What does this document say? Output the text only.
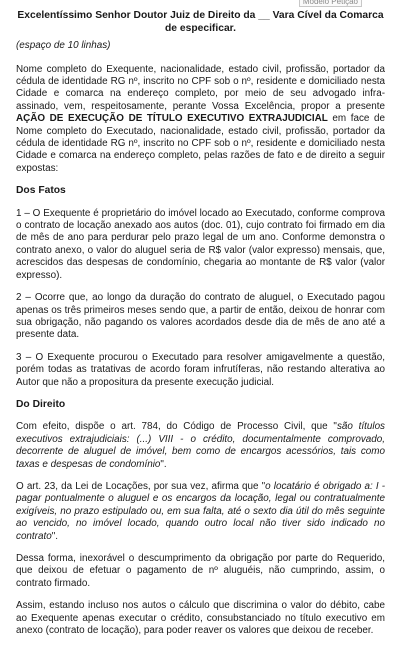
Modelo Petição
Excelentíssimo Senhor Doutor Juiz de Direito da __ Vara Cível da Comarca
de especificar.

(espaço de 10 linhas)

Nome completo do Exequente, nacionalidade, estado civil, profissão, portador da cédula de identidade RG nº, inscrito no CPF sob o nº, residente e domiciliado nesta Cidade e comarca na endereço completo, por meio de seu advogado infra-assinado, vem, respeitosamente, perante Vossa Excelência, propor a presente AÇÃO DE EXECUÇÃO DE TÍTULO EXECUTIVO EXTRAJUDICIAL em face de Nome completo do Executado, nacionalidade, estado civil, profissão, portador da cédula de identidade RG nº, inscrito no CPF sob o nº, residente e domiciliado nesta Cidade e comarca na endereço completo, pelas razões de fato e de direito a seguir expostas:

Dos Fatos

1 – O Exequente é proprietário do imóvel locado ao Executado, conforme comprova o contrato de locação anexado aos autos (doc. 01), cujo contrato foi firmado em dia de mês de ano para perdurar pelo prazo legal de um ano. Conforme demonstra o contrato anexo, o valor do aluguel seria de R$ valor (valor expresso) mensais, que, acrescidos das despesas de condomínio, chegaria ao montante de R$ valor (valor expresso).

2 – Ocorre que, ao longo da duração do contrato de aluguel, o Executado pagou apenas os três primeiros meses sendo que, a partir de então, deixou de honrar com sua obrigação, não pagando os valores acordados desde dia de mês de ano até a presente data.

3 – O Exequente procurou o Executado para resolver amigavelmente a questão, porém todas as tratativas de acordo foram infrutíferas, não restando alterativa ao Autor que não a propositura da presente execução judicial.

Do Direito

Com efeito, dispõe o art. 784, do Código de Processo Civil, que "são títulos executivos extrajudiciais: (...) VIII - o crédito, documentalmente comprovado, decorrente de aluguel de imóvel, bem como de encargos acessórios, tais como taxas e despesas de condomínio".

O art. 23, da Lei de Locações, por sua vez, afirma que "o locatário é obrigado a: I - pagar pontualmente o aluguel e os encargos da locação, legal ou contratualmente exigíveis, no prazo estipulado ou, em sua falta, até o sexto dia útil do mês seguinte ao vencido, no imóvel locado, quando outro local não tiver sido indicado no contrato".

Dessa forma, inexorável o descumprimento da obrigação por parte do Requerido, que deixou de efetuar o pagamento de nº aluguéis, não cumprindo, assim, o contrato firmado.

Assim, estando incluso nos autos o cálculo que discrimina o valor do débito, cabe ao Exequente apenas executar o crédito, consubstanciado no título executivo em anexo (contrato de locação), para poder reaver os valores que deixou de receber.
